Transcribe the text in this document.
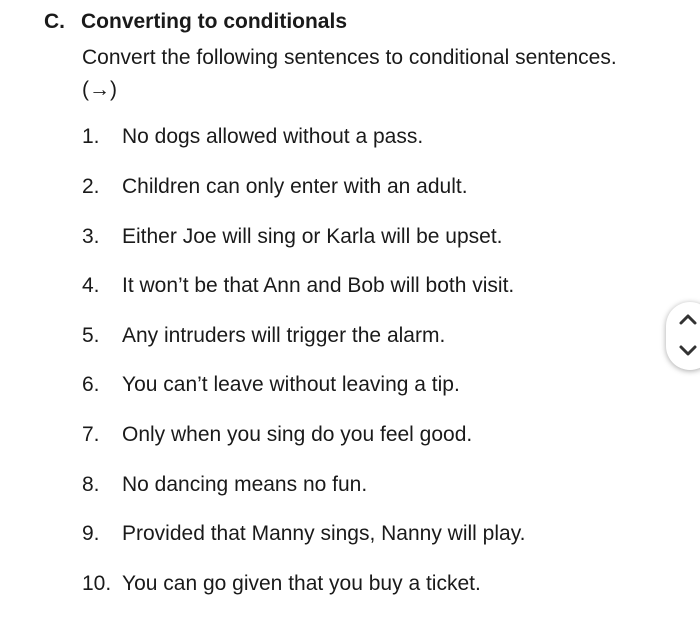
C. Converting to conditionals
Convert the following sentences to conditional sentences.
(→)
1.	No dogs allowed without a pass.
2.	Children can only enter with an adult.
3.	Either Joe will sing or Karla will be upset.
4.	It won’t be that Ann and Bob will both visit.
5.	Any intruders will trigger the alarm.
6.	You can’t leave without leaving a tip.
7.	Only when you sing do you feel good.
8.	No dancing means no fun.
9.	Provided that Manny sings, Nanny will play.
10. You can go given that you buy a ticket.
